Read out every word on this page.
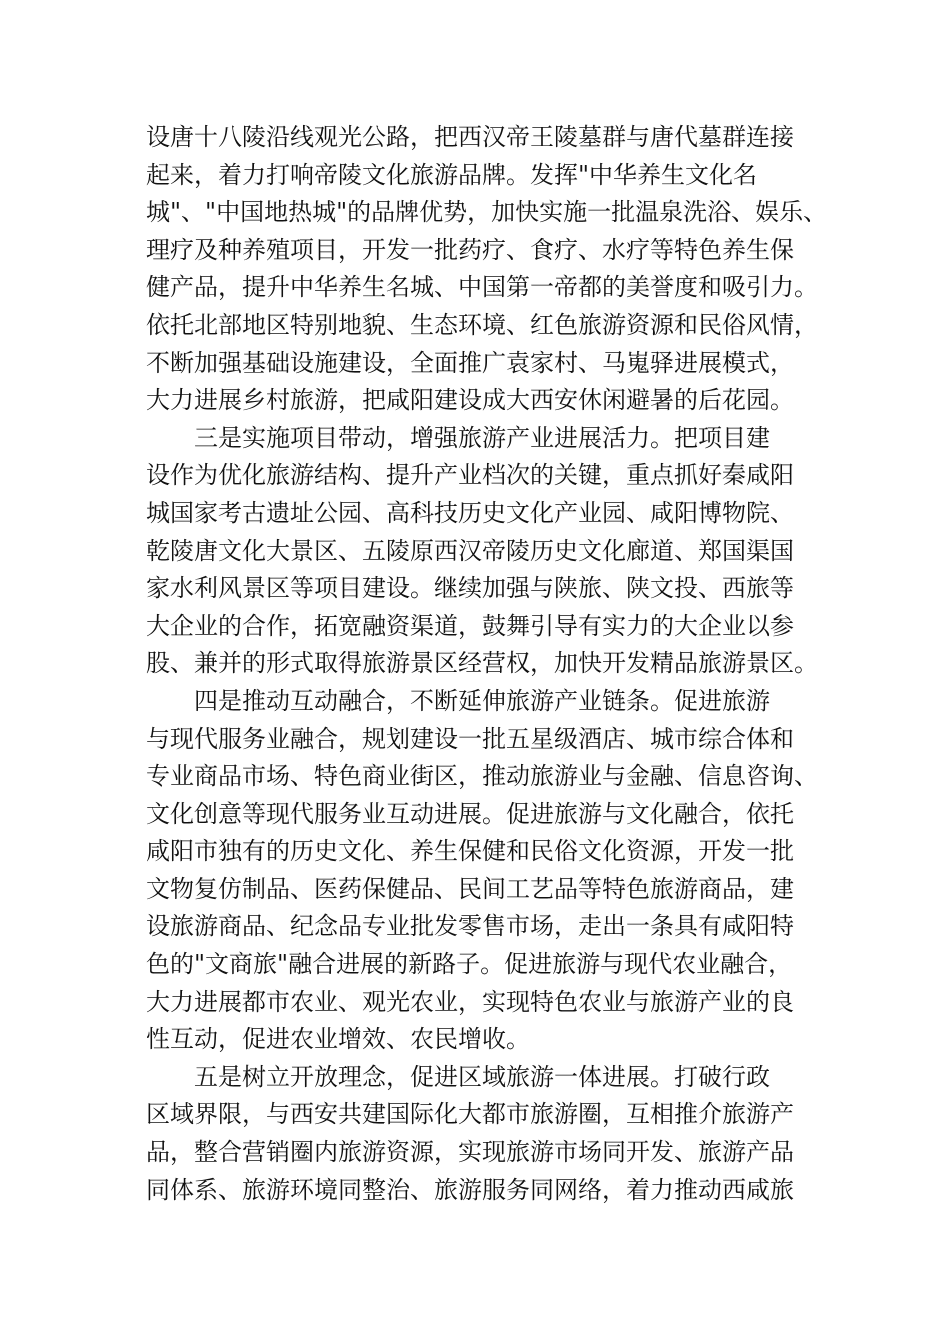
设唐十八陵沿线观光公路，把西汉帝王陵墓群与唐代墓群连接
起来，着力打响帝陵文化旅游品牌。发挥"中华养生文化名
城"、"中国地热城"的品牌优势，加快实施一批温泉洗浴、娱乐、
理疗及种养殖项目，开发一批药疗、食疗、水疗等特色养生保
健产品，提升中华养生名城、中国第一帝都的美誉度和吸引力。
依托北部地区特别地貌、生态环境、红色旅游资源和民俗风情，
不断加强基础设施建设，全面推广袁家村、马嵬驿进展模式，
大力进展乡村旅游，把咸阳建设成大西安休闲避暑的后花园。
三是实施项目带动，增强旅游产业进展活力。把项目建
设作为优化旅游结构、提升产业档次的关键，重点抓好秦咸阳
城国家考古遗址公园、高科技历史文化产业园、咸阳博物院、
乾陵唐文化大景区、五陵原西汉帝陵历史文化廊道、郑国渠国
家水利风景区等项目建设。继续加强与陕旅、陕文投、西旅等
大企业的合作，拓宽融资渠道，鼓舞引导有实力的大企业以参
股、兼并的形式取得旅游景区经营权，加快开发精品旅游景区。
四是推动互动融合，不断延伸旅游产业链条。促进旅游
与现代服务业融合，规划建设一批五星级酒店、城市综合体和
专业商品市场、特色商业街区，推动旅游业与金融、信息咨询、
文化创意等现代服务业互动进展。促进旅游与文化融合，依托
咸阳市独有的历史文化、养生保健和民俗文化资源，开发一批
文物复仿制品、医药保健品、民间工艺品等特色旅游商品，建
设旅游商品、纪念品专业批发零售市场，走出一条具有咸阳特
色的"文商旅"融合进展的新路子。促进旅游与现代农业融合，
大力进展都市农业、观光农业，实现特色农业与旅游产业的良
性互动，促进农业增效、农民增收。
五是树立开放理念，促进区域旅游一体进展。打破行政
区域界限，与西安共建国际化大都市旅游圈，互相推介旅游产
品，整合营销圈内旅游资源，实现旅游市场同开发、旅游产品
同体系、旅游环境同整治、旅游服务同网络，着力推动西咸旅
